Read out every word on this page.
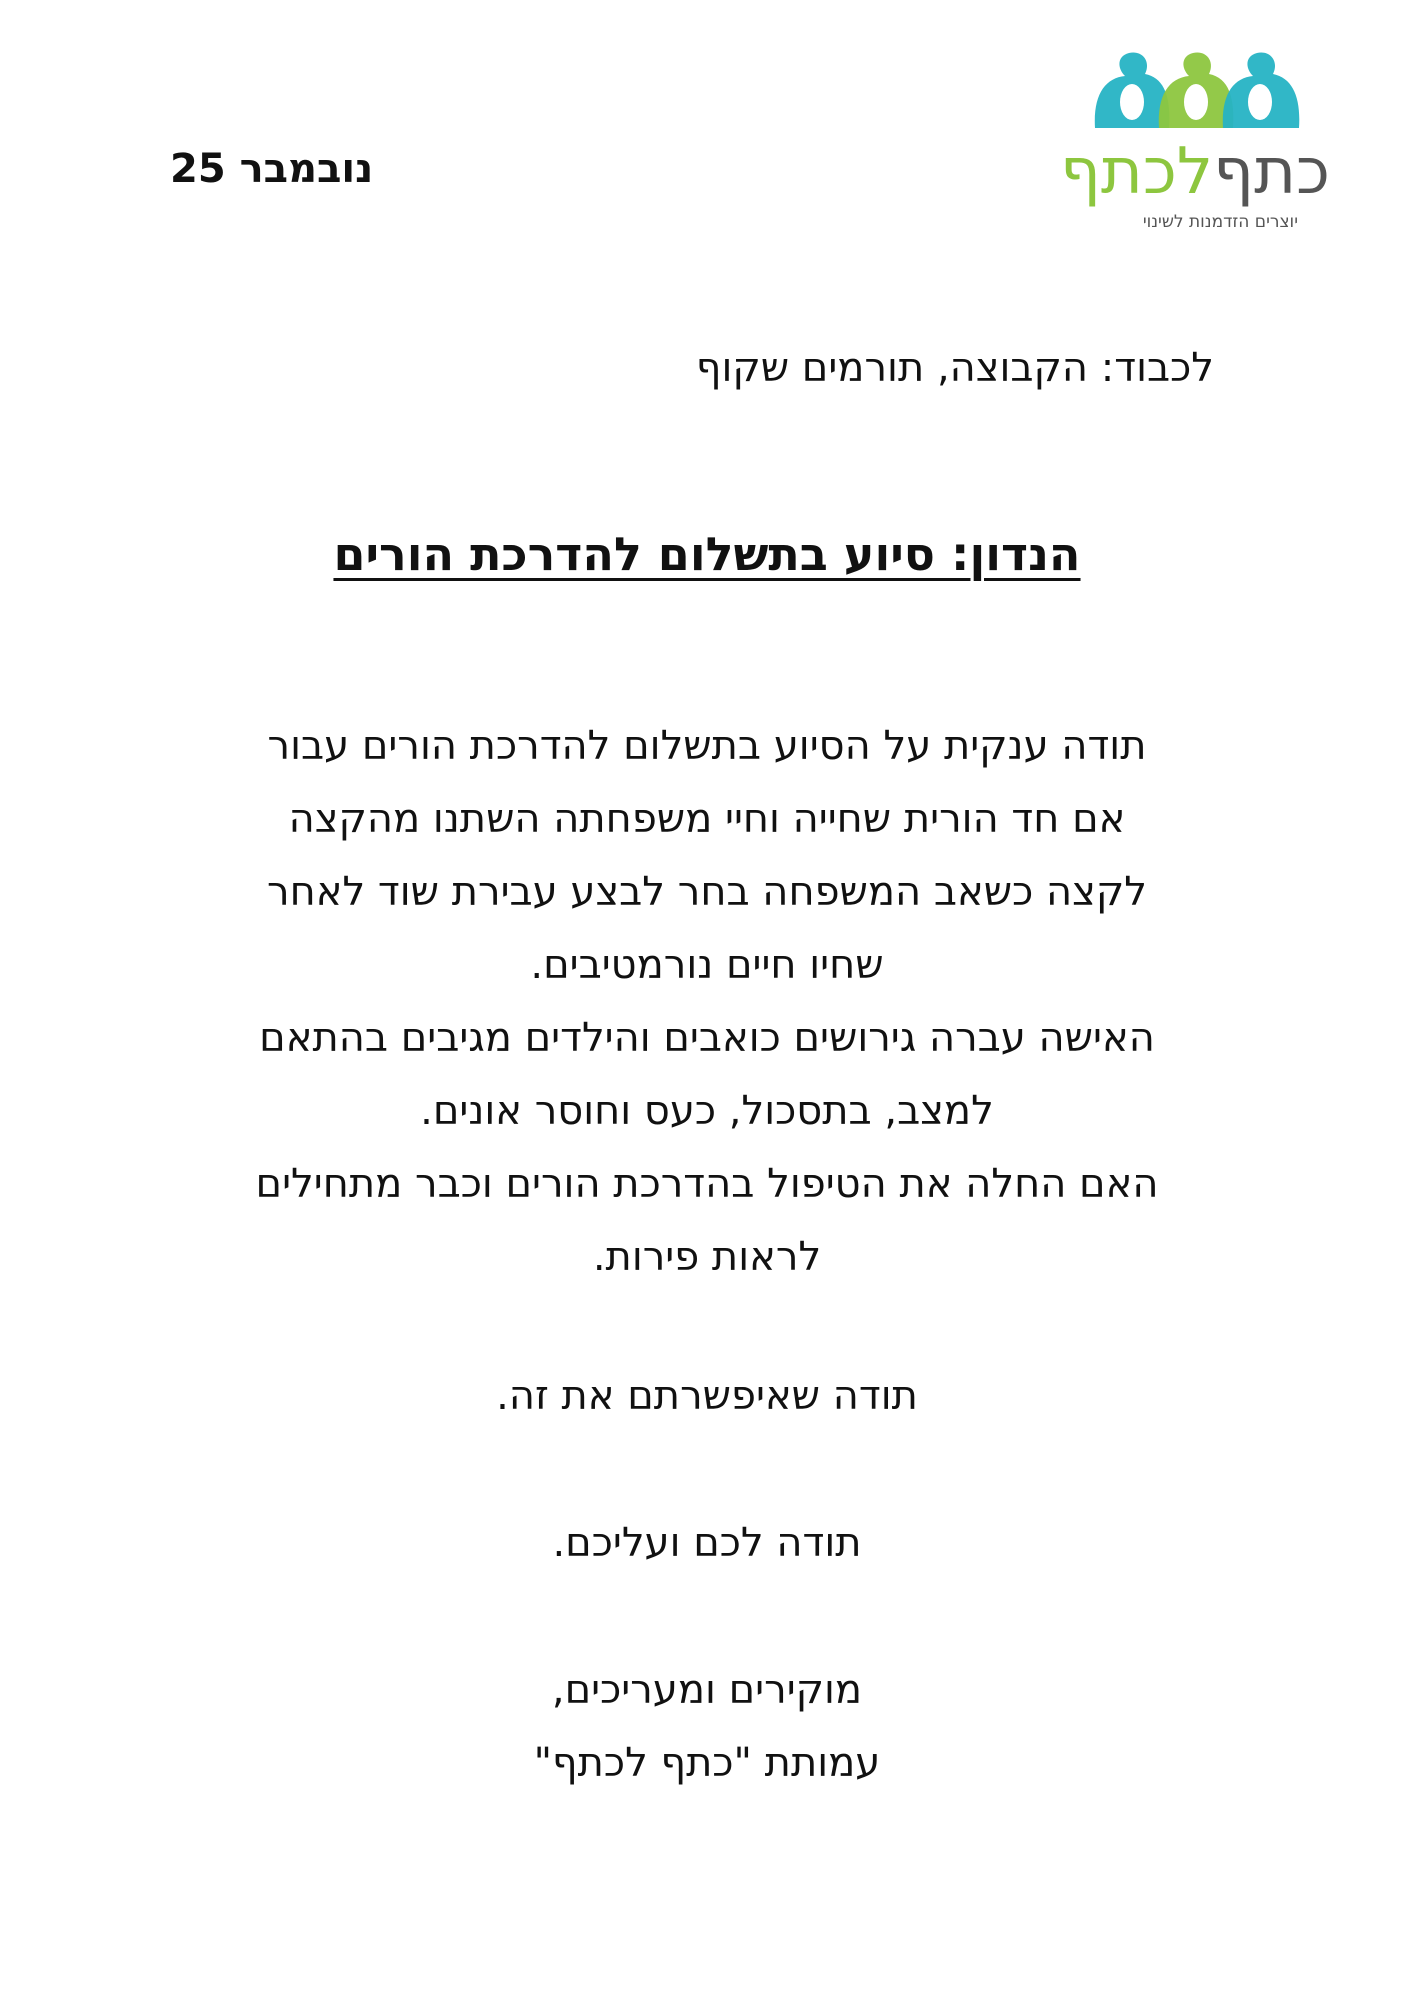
כתףלכתף
יוצרים הזדמנות לשינוי
נובמבר 25
לכבוד: הקבוצה, תורמים שקוף
הנדון: סיוע בתשלום להדרכת הורים
תודה ענקית על הסיוע בתשלום להדרכת הורים עבור
אם חד הורית שחייה וחיי משפחתה השתנו מהקצה
לקצה כשאב המשפחה בחר לבצע עבירת שוד לאחר
שחיו חיים נורמטיבים.
האישה עברה גירושים כואבים והילדים מגיבים בהתאם
למצב, בתסכול, כעס וחוסר אונים.
האם החלה את הטיפול בהדרכת הורים וכבר מתחילים
לראות פירות.
תודה שאיפשרתם את זה.
תודה לכם ועליכם.
מוקירים ומעריכים,
עמותת "כתף לכתף"
